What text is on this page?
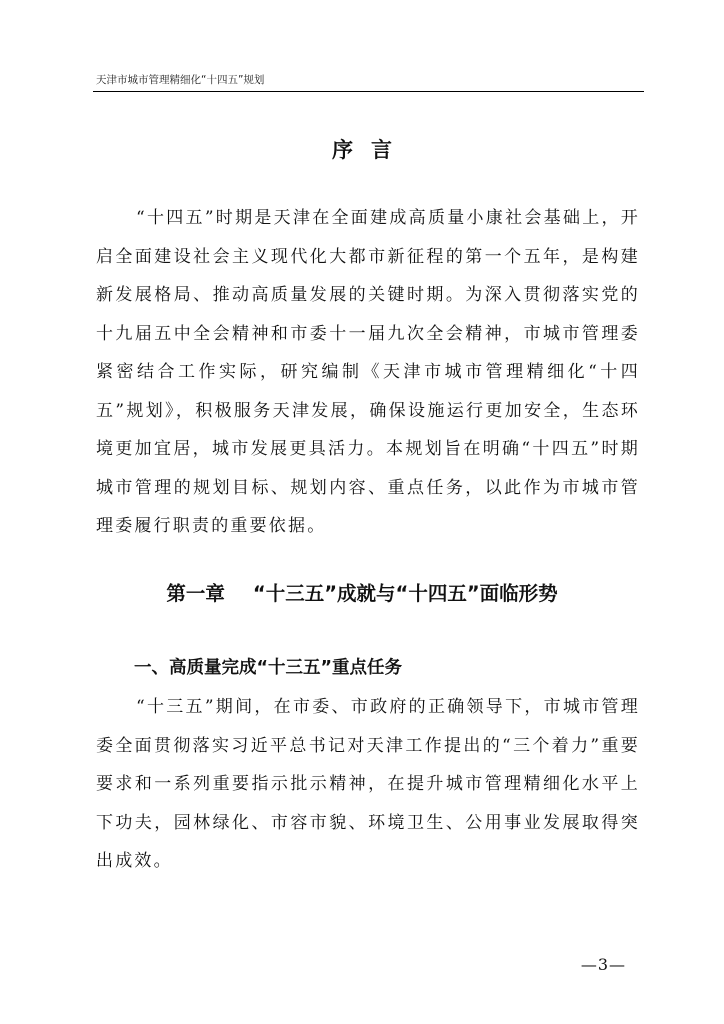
天津市城市管理精细化“十四五”规划
序言

“十四五”时期是天津在全面建成高质量小康社会基础上，开启全面建设社会主义现代化大都市新征程的第一个五年，是构建新发展格局、推动高质量发展的关键时期。为深入贯彻落实党的十九届五中全会精神和市委十一届九次全会精神，市城市管理委紧密结合工作实际，研究编制《天津市城市管理精细化“十四五”规划》，积极服务天津发展，确保设施运行更加安全，生态环境更加宜居，城市发展更具活力。本规划旨在明确“十四五”时期城市管理的规划目标、规划内容、重点任务，以此作为市城市管理委履行职责的重要依据。

第一章 “十三五”成就与“十四五”面临形势
一、高质量完成“十三五”重点任务

“十三五”期间，在市委、市政府的正确领导下，市城市管理委全面贯彻落实习近平总书记对天津工作提出的“三个着力”重要要求和一系列重要指示批示精神，在提升城市管理精细化水平上下功夫，园林绿化、市容市貌、环境卫生、公用事业发展取得突出成效。

—3—
